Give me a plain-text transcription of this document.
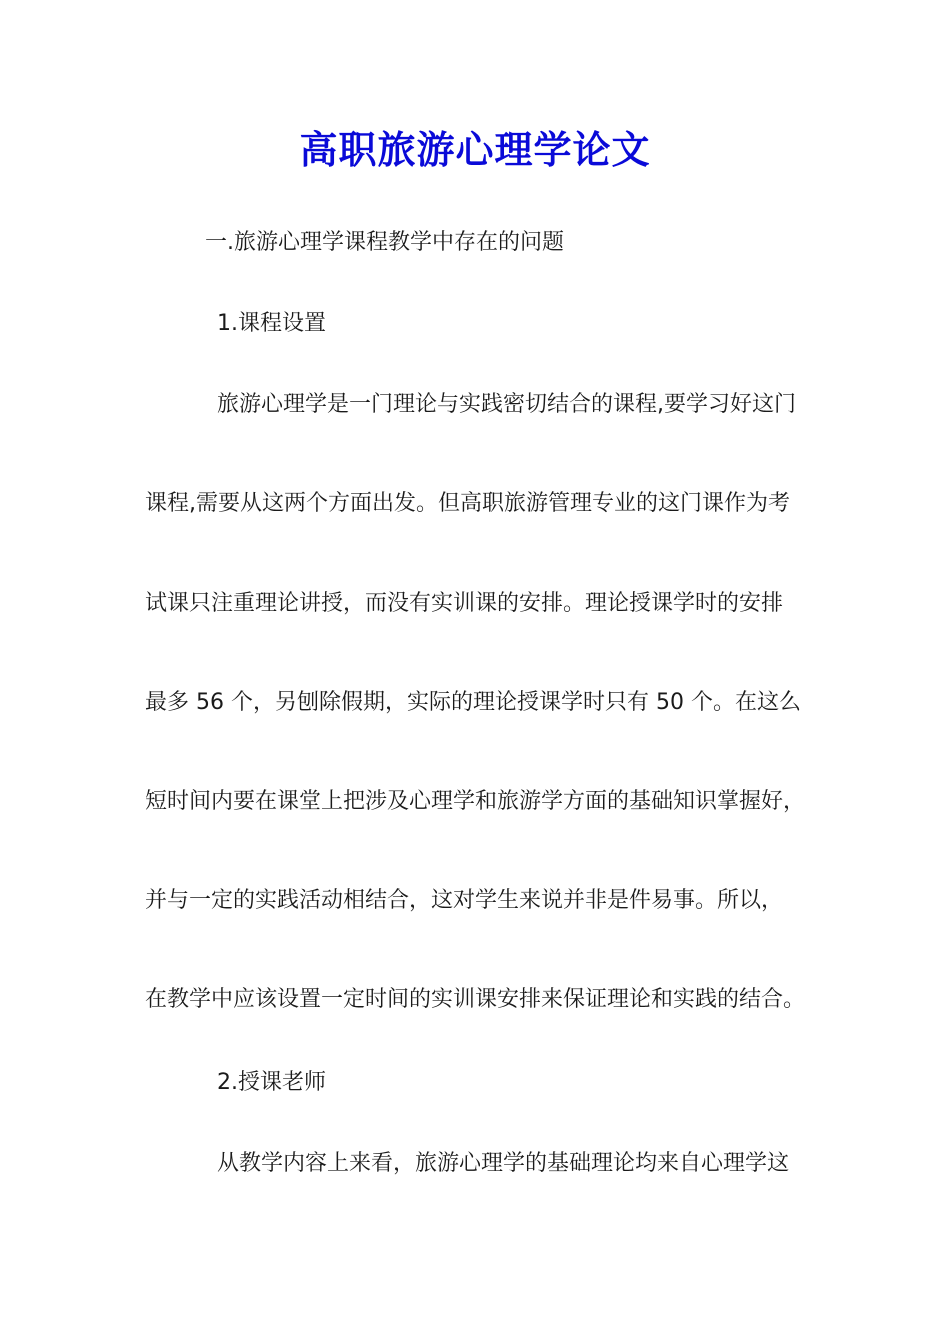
高职旅游心理学论文
一.旅游心理学课程教学中存在的问题
1.课程设置
旅游心理学是一门理论与实践密切结合的课程,要学习好这门
课程,需要从这两个方面出发。但高职旅游管理专业的这门课作为考
试课只注重理论讲授，而没有实训课的安排。理论授课学时的安排
最多 56 个，另刨除假期，实际的理论授课学时只有 50 个。在这么
短时间内要在课堂上把涉及心理学和旅游学方面的基础知识掌握好，
并与一定的实践活动相结合，这对学生来说并非是件易事。所以，
在教学中应该设置一定时间的实训课安排来保证理论和实践的结合。
2.授课老师
从教学内容上来看，旅游心理学的基础理论均来自心理学这
